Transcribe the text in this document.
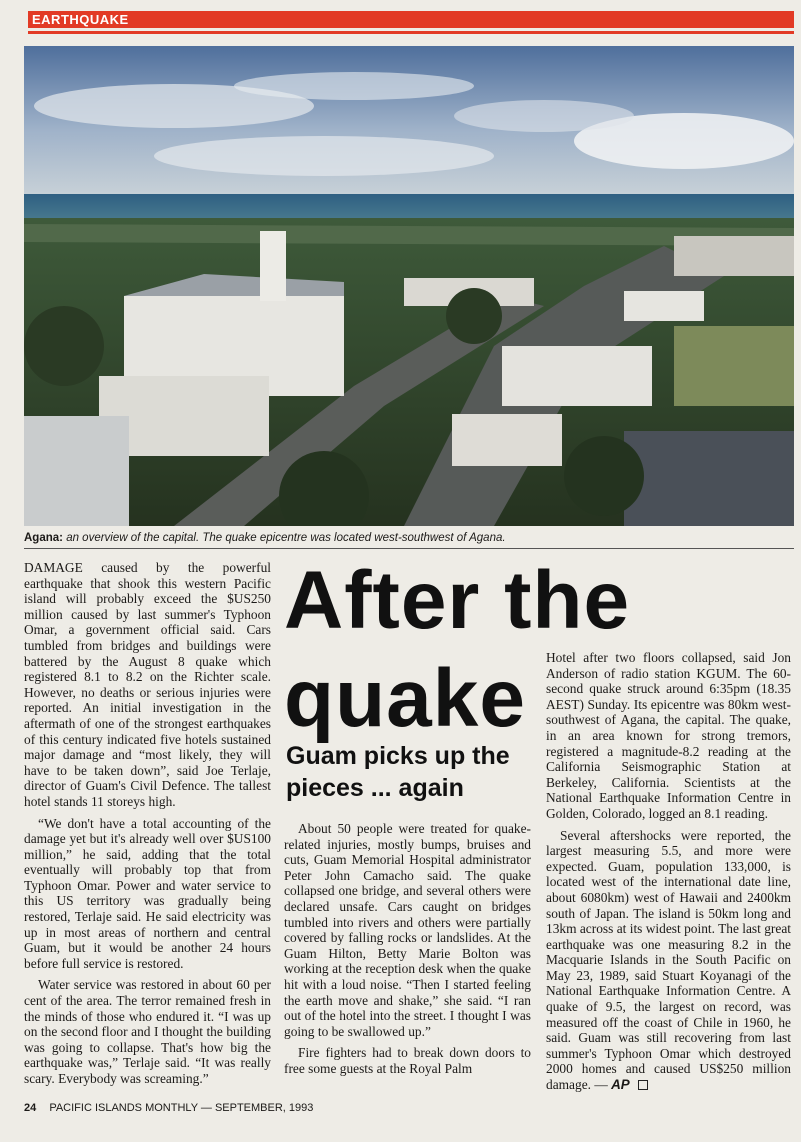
EARTHQUAKE
Agana: an overview of the capital. The quake epicentre was located west-southwest of Agana.

DAMAGE caused by the powerful earthquake that shook this western Pacific island will probably exceed the $US250 million caused by last summer's Typhoon Omar, a government official said. Cars tumbled from bridges and buildings were battered by the August 8 quake which registered 8.1 to 8.2 on the Richter scale. However, no deaths or serious injuries were reported. An initial investigation in the aftermath of one of the strongest earthquakes of this century indicated five hotels sustained major damage and “most likely, they will have to be taken down”, said Joe Terlaje, director of Guam's Civil Defence. The tallest hotel stands 11 storeys high.

“We don't have a total accounting of the damage yet but it's already well over $US100 million,” he said, adding that the total eventually will probably top that from Typhoon Omar. Power and water service to this US territory was gradually being restored, Terlaje said. He said electricity was up in most areas of northern and central Guam, but it would be another 24 hours before full service is restored.

Water service was restored in about 60 per cent of the area. The terror remained fresh in the minds of those who endured it. “I was up on the second floor and I thought the building was going to collapse. That's how big the earthquake was,” Terlaje said. “It was really scary. Everybody was screaming.”

After the
quake
Guam picks up the pieces ... again

About 50 people were treated for quake-related injuries, mostly bumps, bruises and cuts, Guam Memorial Hospital administrator Peter John Camacho said. The quake collapsed one bridge, and several others were declared unsafe. Cars caught on bridges tumbled into rivers and others were partially covered by falling rocks or landslides. At the Guam Hilton, Betty Marie Bolton was working at the reception desk when the quake hit with a loud noise. “Then I started feeling the earth move and shake,” she said. “I ran out of the hotel into the street. I thought I was going to be swallowed up.”

Fire fighters had to break down doors to free some guests at the Royal Palm

Hotel after two floors collapsed, said Jon Anderson of radio station KGUM. The 60-second quake struck around 6:35pm (18.35 AEST) Sunday. Its epicentre was 80km west-southwest of Agana, the capital. The quake, in an area known for strong tremors, registered a magnitude-8.2 reading at the California Seismographic Station at Berkeley, California. Scientists at the National Earthquake Information Centre in Golden, Colorado, logged an 8.1 reading.

Several aftershocks were reported, the largest measuring 5.5, and more were expected. Guam, population 133,000, is located west of the international date line, about 6080km) west of Hawaii and 2400km south of Japan. The island is 50km long and 13km across at its widest point. The last great earthquake was one measuring 8.2 in the Macquarie Islands in the South Pacific on May 23, 1989, said Stuart Koyanagi of the National Earthquake Information Centre. A quake of 9.5, the largest on record, was measured off the coast of Chile in 1960, he said. Guam was still recovering from last summer's Typhoon Omar which destroyed 2000 homes and caused US$250 million damage. — AP

24 PACIFIC ISLANDS MONTHLY — SEPTEMBER, 1993
